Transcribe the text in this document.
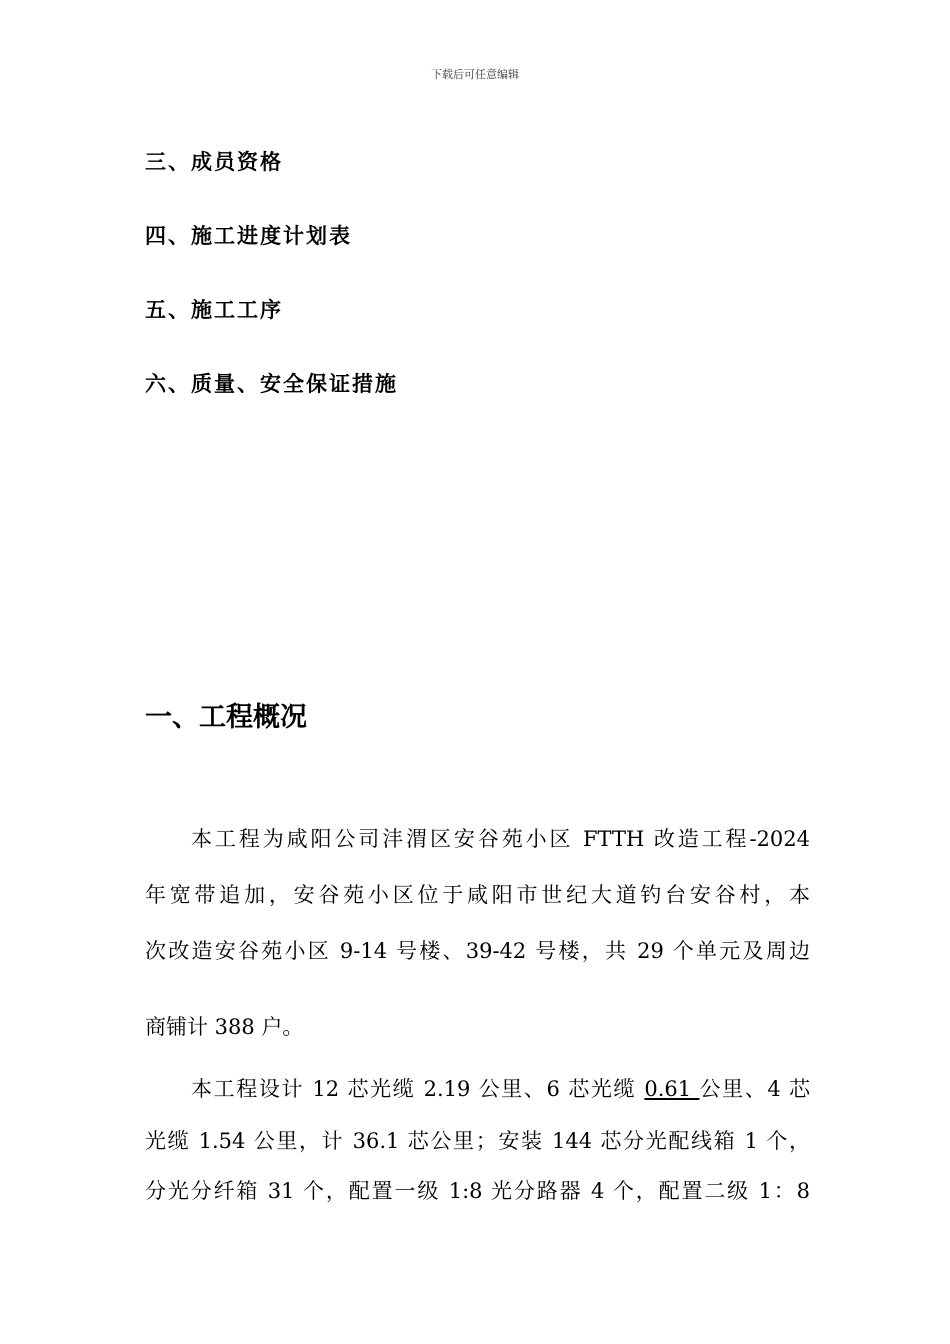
下载后可任意编辑
三、成员资格
四、施工进度计划表
五、施工工序
六、质量、安全保证措施
一、工程概况
本工程为咸阳公司沣渭区安谷苑小区 FTTH 改造工程-2024
年宽带追加，安谷苑小区位于咸阳市世纪大道钓台安谷村，本
次改造安谷苑小区 9-14 号楼、39-42 号楼，共 29 个单元及周边
商铺计 388 户。
本工程设计 12 芯光缆 2.19 公里、6 芯光缆 0.61 公里、4 芯
光缆 1.54 公里，计 36.1 芯公里；安装 144 芯分光配线箱 1 个，
分光分纤箱 31 个，配置一级 1:8 光分路器 4 个，配置二级 1：8
